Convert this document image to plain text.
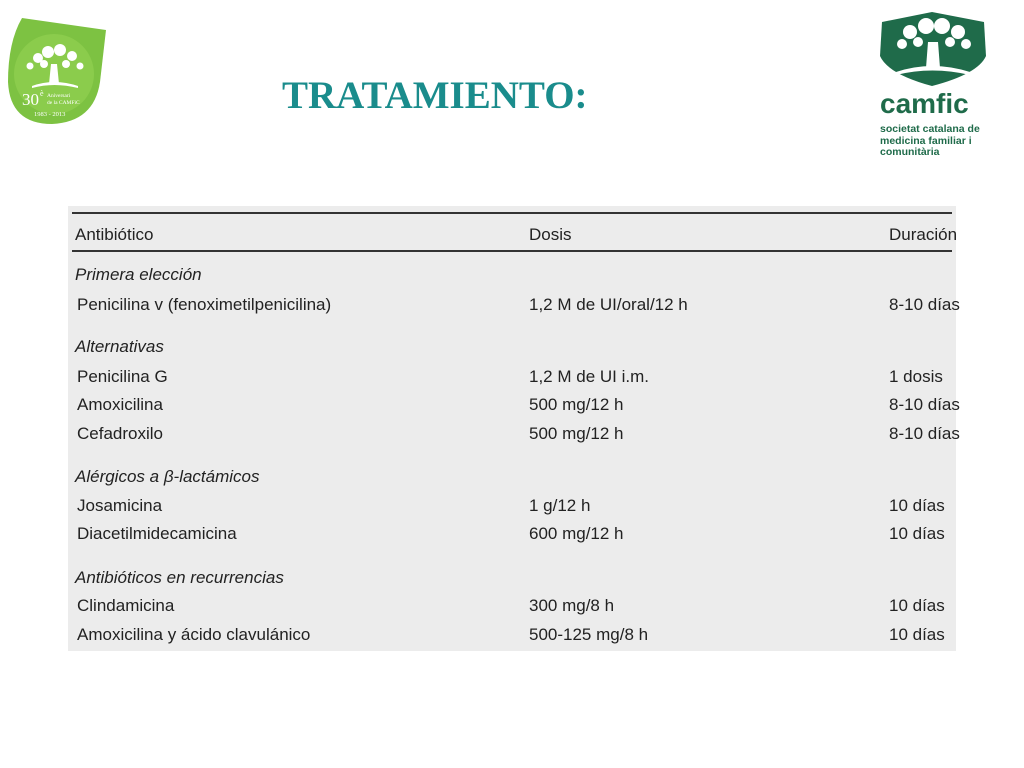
30 è Aniversari
de la CAMFiC
1983 - 2013	TRATAMIENTO:	camfic
societat catalana de
medicina familiar i
comunitària
Antibiótico	Dosis	Duración
Primera elección
Penicilina v (fenoximetilpenicilina)	1,2 M de UI/oral/12 h	8-10 días
Alternativas
Penicilina G	1,2 M de UI i.m.	1 dosis
Amoxicilina	500 mg/12 h	8-10 días
Cefadroxilo	500 mg/12 h	8-10 días
Alérgicos a β-lactámicos
Josamicina	1 g/12 h	10 días
Diacetilmidecamicina	600 mg/12 h	10 días
Antibióticos en recurrencias
Clindamicina	300 mg/8 h	10 días
Amoxicilina y ácido clavulánico	500-125 mg/8 h	10 días
